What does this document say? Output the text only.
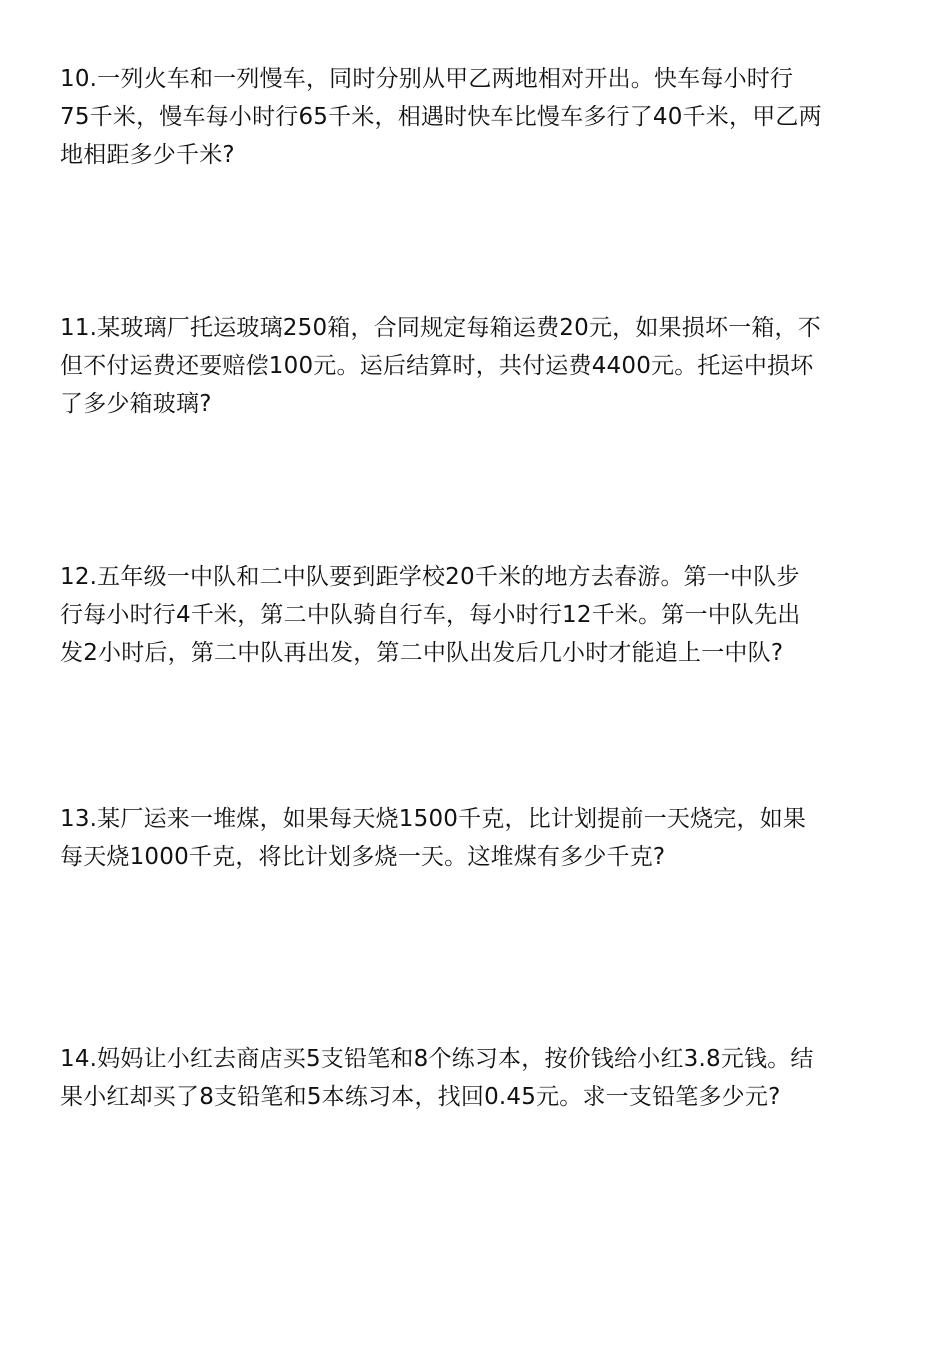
10.一列火车和一列慢车，同时分别从甲乙两地相对开出。快车每小时行
75千米，慢车每小时行65千米，相遇时快车比慢车多行了40千米，甲乙两
地相距多少千米?
11.某玻璃厂托运玻璃250箱，合同规定每箱运费20元，如果损坏一箱，不
但不付运费还要赔偿100元。运后结算时，共付运费4400元。托运中损坏
了多少箱玻璃?
12.五年级一中队和二中队要到距学校20千米的地方去春游。第一中队步
行每小时行4千米，第二中队骑自行车，每小时行12千米。第一中队先出
发2小时后，第二中队再出发，第二中队出发后几小时才能追上一中队?
13.某厂运来一堆煤，如果每天烧1500千克，比计划提前一天烧完，如果
每天烧1000千克，将比计划多烧一天。这堆煤有多少千克?
14.妈妈让小红去商店买5支铅笔和8个练习本，按价钱给小红3.8元钱。结
果小红却买了8支铅笔和5本练习本，找回0.45元。求一支铅笔多少元?
